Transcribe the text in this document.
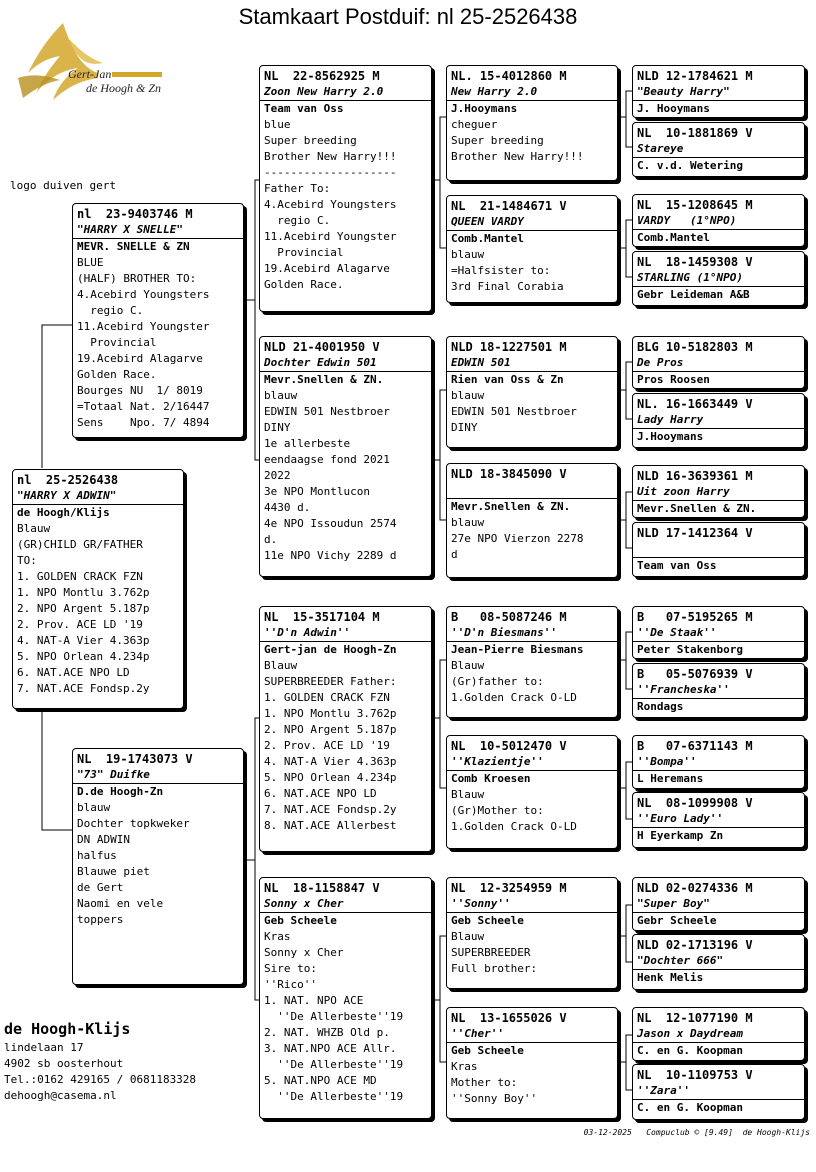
Stamkaart Postduif: nl 25-2526438
Gert-Jan
de Hoogh & Zn
logo duiven gert
nl  25-2526438
"HARRY X ADWIN"
de Hoogh/Klijs
Blauw
(GR)CHILD GR/FATHER
TO:
1. GOLDEN CRACK FZN
1. NPO Montlu 3.762p
2. NPO Argent 5.187p
2. Prov. ACE LD '19
4. NAT-A Vier 4.363p
5. NPO Orlean 4.234p
6. NAT.ACE NPO LD
7. NAT.ACE Fondsp.2y
nl  23-9403746 M
"HARRY X SNELLE"
MEVR. SNELLE & ZN
BLUE
(HALF) BROTHER TO:
4.Acebird Youngsters
regio C.
11.Acebird Youngster
Provincial
19.Acebird Alagarve
Golden Race.
Bourges NU  1/ 8019
=Totaal Nat. 2/16447
Sens    Npo. 7/ 4894
NL  19-1743073 V
"73" Duifke
D.de Hoogh-Zn
blauw
Dochter topkweker
DN ADWIN
halfus
Blauwe piet
de Gert
Naomi en vele
toppers
NL  22-8562925 M
Zoon New Harry 2.0
Team van Oss
blue
Super breeding
Brother New Harry!!!
--------------------
Father To:
4.Acebird Youngsters
regio C.
11.Acebird Youngster
Provincial
19.Acebird Alagarve
Golden Race.
NLD 21-4001950 V
Dochter Edwin 501
Mevr.Snellen & ZN.
blauw
EDWIN 501 Nestbroer
DINY
1e allerbeste
eendaagse fond 2021
2022
3e NPO Montlucon
4430 d.
4e NPO Issoudun 2574
d.
11e NPO Vichy 2289 d
NL  15-3517104 M
''D'n Adwin''
Gert-jan de Hoogh-Zn
Blauw
SUPERBREEDER Father:
1. GOLDEN CRACK FZN
1. NPO Montlu 3.762p
2. NPO Argent 5.187p
2. Prov. ACE LD '19
4. NAT-A Vier 4.363p
5. NPO Orlean 4.234p
6. NAT.ACE NPO LD
7. NAT.ACE Fondsp.2y
8. NAT.ACE Allerbest
NL  18-1158847 V
Sonny x Cher
Geb Scheele
Kras
Sonny x Cher
Sire to:
''Rico''
1. NAT. NPO ACE
''De Allerbeste''19
2. NAT. WHZB Old p.
3. NAT.NPO ACE Allr.
''De Allerbeste''19
5. NAT.NPO ACE MD
''De Allerbeste''19
NL. 15-4012860 M
New Harry 2.0
J.Hooymans
cheguer
Super breeding
Brother New Harry!!!
NL  21-1484671 V
QUEEN VARDY
Comb.Mantel
blauw
=Halfsister to:
3rd Final Corabia
NLD 18-1227501 M
EDWIN 501
Rien van Oss & Zn
blauw
EDWIN 501 Nestbroer
DINY
NLD 18-3845090 V
Mevr.Snellen & ZN.
blauw
27e NPO Vierzon 2278
d
B   08-5087246 M
''D'n Biesmans''
Jean-Pierre Biesmans
Blauw
(Gr)father to:
1.Golden Crack O-LD
NL  10-5012470 V
''Klazientje''
Comb Kroesen
Blauw
(Gr)Mother to:
1.Golden Crack O-LD
NL  12-3254959 M
''Sonny''
Geb Scheele
Blauw
SUPERBREEDER
Full brother:
NL  13-1655026 V
''Cher''
Geb Scheele
Kras
Mother to:
''Sonny Boy''
NLD 12-1784621 M
"Beauty Harry"
J. Hooymans
NL  10-1881869 V
Stareye
C. v.d. Wetering
NL  15-1208645 M
VARDY   (1°NPO)
Comb.Mantel
NL  18-1459308 V
STARLING (1°NPO)
Gebr Leideman A&B
BLG 10-5182803 M
De Pros
Pros Roosen
NL. 16-1663449 V
Lady Harry
J.Hooymans
NLD 16-3639361 M
Uit zoon Harry
Mevr.Snellen & ZN.
NLD 17-1412364 V
Team van Oss
B   07-5195265 M
''De Staak''
Peter Stakenborg
B   05-5076939 V
''Francheska''
Rondags
B   07-6371143 M
''Bompa''
L Heremans
NL  08-1099908 V
''Euro Lady''
H Eyerkamp Zn
NLD 02-0274336 M
"Super Boy"
Gebr Scheele
NLD 02-1713196 V
"Dochter 666"
Henk Melis
NL  12-1077190 M
Jason x Daydream
C. en G. Koopman
NL  10-1109753 V
''Zara''
C. en G. Koopman
de Hoogh-Klijs
lindelaan 17
4902 sb oosterhout
Tel.:0162 429165 / 0681183328
dehoogh@casema.nl
03-12-2025   Compuclub © [9.49]  de Hoogh-Klijs
